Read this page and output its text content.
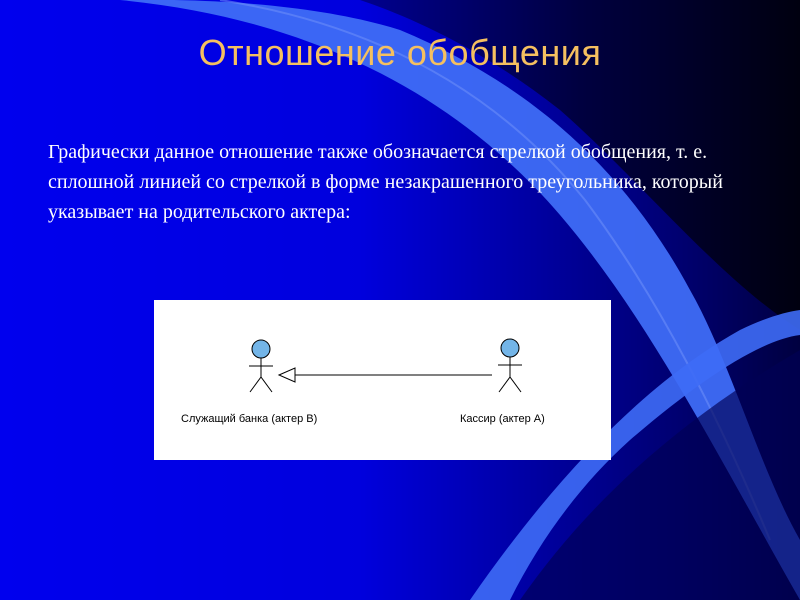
Отношение обобщения

Графически данное отношение также обозначается стрелкой обобщения, т. е. сплошной линией со стрелкой в форме незакрашенного треугольника, который указывает на родительского актера:

Служащий банка (актер B)	Кассир (актер A)
